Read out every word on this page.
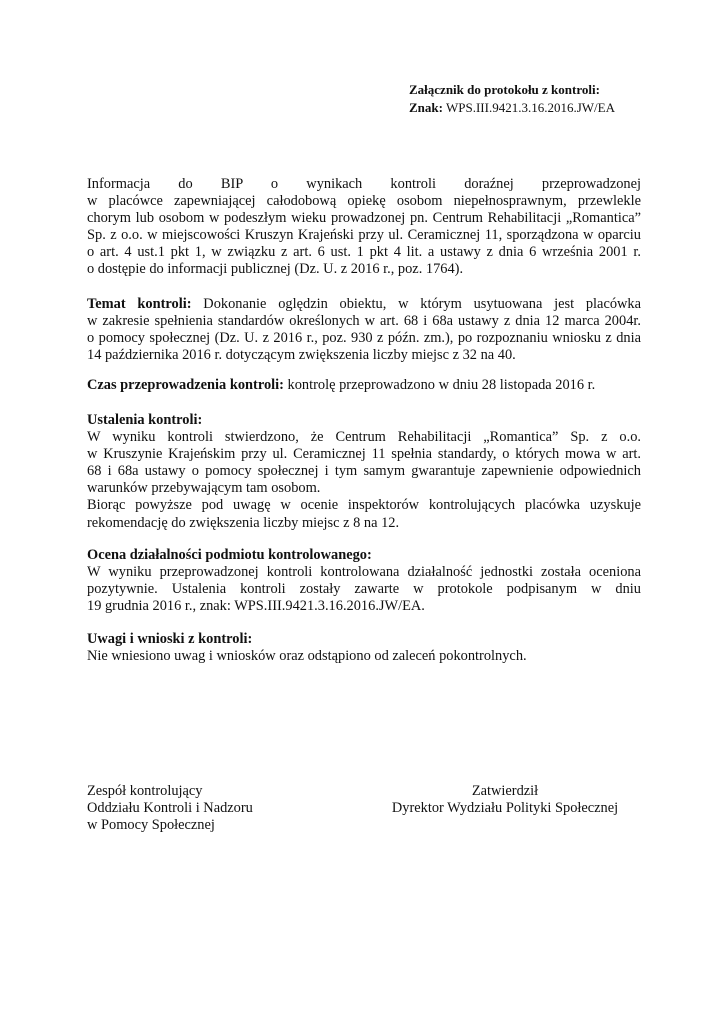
Załącznik do protokołu z kontroli:
Znak: WPS.III.9421.3.16.2016.JW/EA
Informacja do BIP o wynikach kontroli doraźnej przeprowadzonej
w placówce zapewniającej całodobową opiekę osobom niepełnosprawnym, przewlekle
chorym lub osobom w podeszłym wieku prowadzonej pn. Centrum Rehabilitacji „Romantica”
Sp. z o.o. w miejscowości Kruszyn Krajeński przy ul. Ceramicznej 11, sporządzona w oparciu
o art. 4 ust.1 pkt 1, w związku z art. 6 ust. 1 pkt 4 lit. a ustawy z dnia 6 września 2001 r.
o dostępie do informacji publicznej (Dz. U. z 2016 r., poz. 1764).
Temat kontroli: Dokonanie oględzin obiektu, w którym usytuowana jest placówka
w zakresie spełnienia standardów określonych w art. 68 i 68a ustawy z dnia 12 marca 2004r.
o pomocy społecznej (Dz. U. z 2016 r., poz. 930 z późn. zm.), po rozpoznaniu wniosku z dnia
14 października 2016 r. dotyczącym zwiększenia liczby miejsc z 32 na 40.
Czas przeprowadzenia kontroli: kontrolę przeprowadzono w dniu 28 listopada 2016 r.
Ustalenia kontroli:
W wyniku kontroli stwierdzono, że Centrum Rehabilitacji „Romantica” Sp. z o.o.
w Kruszynie Krajeńskim przy ul. Ceramicznej 11 spełnia standardy, o których mowa w art.
68 i 68a ustawy o pomocy społecznej i tym samym gwarantuje zapewnienie odpowiednich
warunków przebywającym tam osobom.
Biorąc powyższe pod uwagę w ocenie inspektorów kontrolujących placówka uzyskuje
rekomendację do zwiększenia liczby miejsc z 8 na 12.
Ocena działalności podmiotu kontrolowanego:
W wyniku przeprowadzonej kontroli kontrolowana działalność jednostki została oceniona
pozytywnie. Ustalenia kontroli zostały zawarte w protokole podpisanym w dniu
19 grudnia 2016 r., znak: WPS.III.9421.3.16.2016.JW/EA.
Uwagi i wnioski z kontroli:
Nie wniesiono uwag i wniosków oraz odstąpiono od zaleceń pokontrolnych.
Zespół kontrolujący
Oddziału Kontroli i Nadzoru
w Pomocy Społecznej
Zatwierdził
Dyrektor Wydziału Polityki Społecznej
